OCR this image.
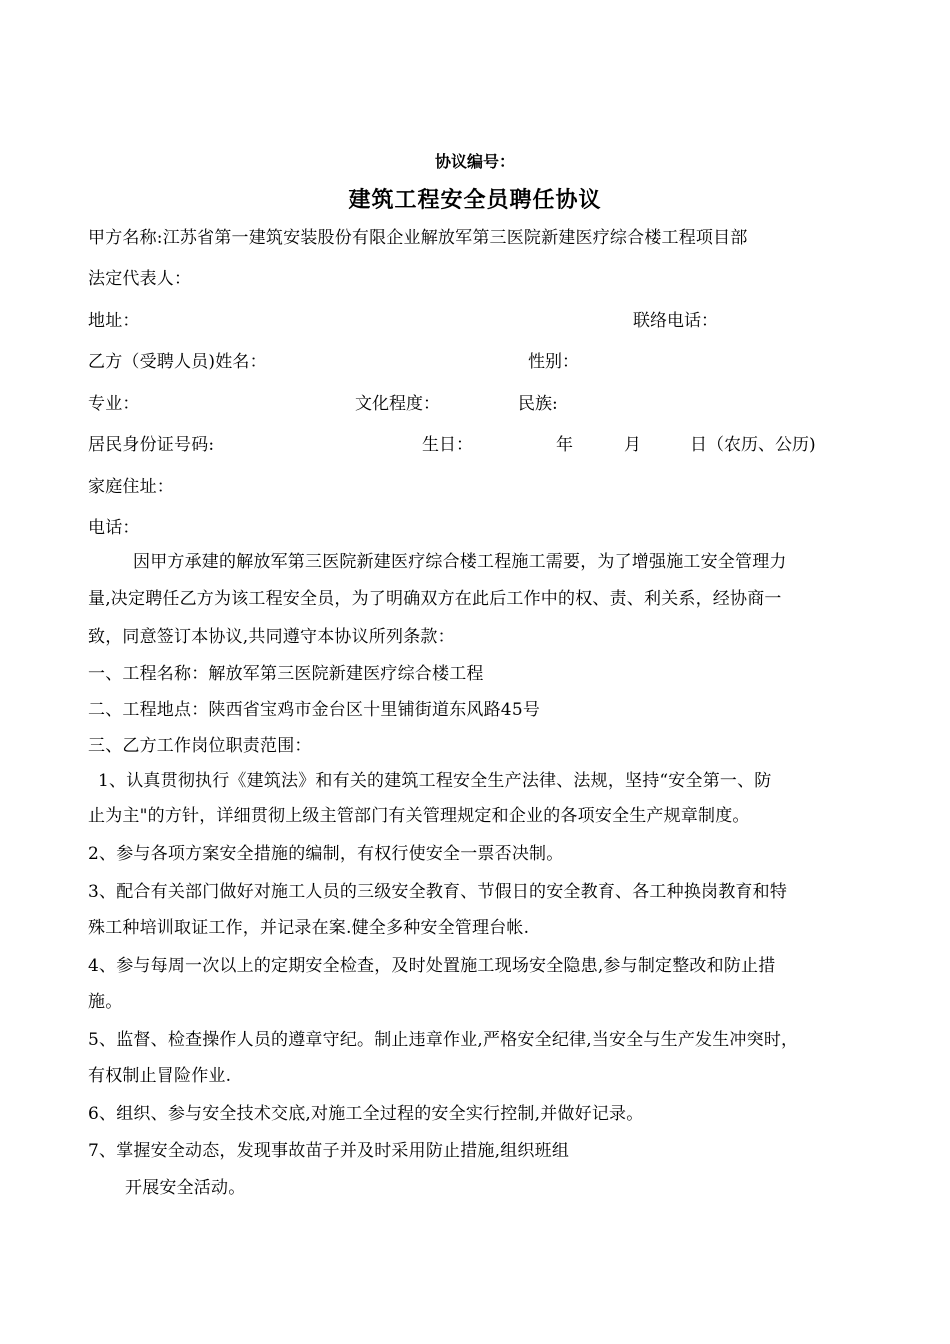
协议编号：
建筑工程安全员聘任协议
甲方名称:江苏省第一建筑安装股份有限企业解放军第三医院新建医疗综合楼工程项目部
法定代表人：
地址：	联络电话：
乙方（受聘人员)姓名：	性别：
专业：	文化程度：	民族:
居民身份证号码:	生日：	年	月	日（农历、公历)
家庭住址：
电话：
因甲方承建的解放军第三医院新建医疗综合楼工程施工需要，为了增强施工安全管理力
量,决定聘任乙方为该工程安全员，为了明确双方在此后工作中的权、责、利关系，经协商一
致，同意签订本协议,共同遵守本协议所列条款：
一、工程名称：解放军第三医院新建医疗综合楼工程
二、工程地点：陕西省宝鸡市金台区十里铺街道东风路45号
三、乙方工作岗位职责范围：
1、认真贯彻执行《建筑法》和有关的建筑工程安全生产法律、法规，坚持“安全第一、防
止为主"的方针，详细贯彻上级主管部门有关管理规定和企业的各项安全生产规章制度。
2、参与各项方案安全措施的编制，有权行使安全一票否决制。
3、配合有关部门做好对施工人员的三级安全教育、节假日的安全教育、各工种换岗教育和特
殊工种培训取证工作，并记录在案.健全多种安全管理台帐.
4、参与每周一次以上的定期安全检查，及时处置施工现场安全隐患,参与制定整改和防止措
施。
5、监督、检查操作人员的遵章守纪。制止违章作业,严格安全纪律,当安全与生产发生冲突时，
有权制止冒险作业.
6、组织、参与安全技术交底,对施工全过程的安全实行控制,并做好记录。
7、掌握安全动态，发现事故苗子并及时采用防止措施,组织班组
开展安全活动。
